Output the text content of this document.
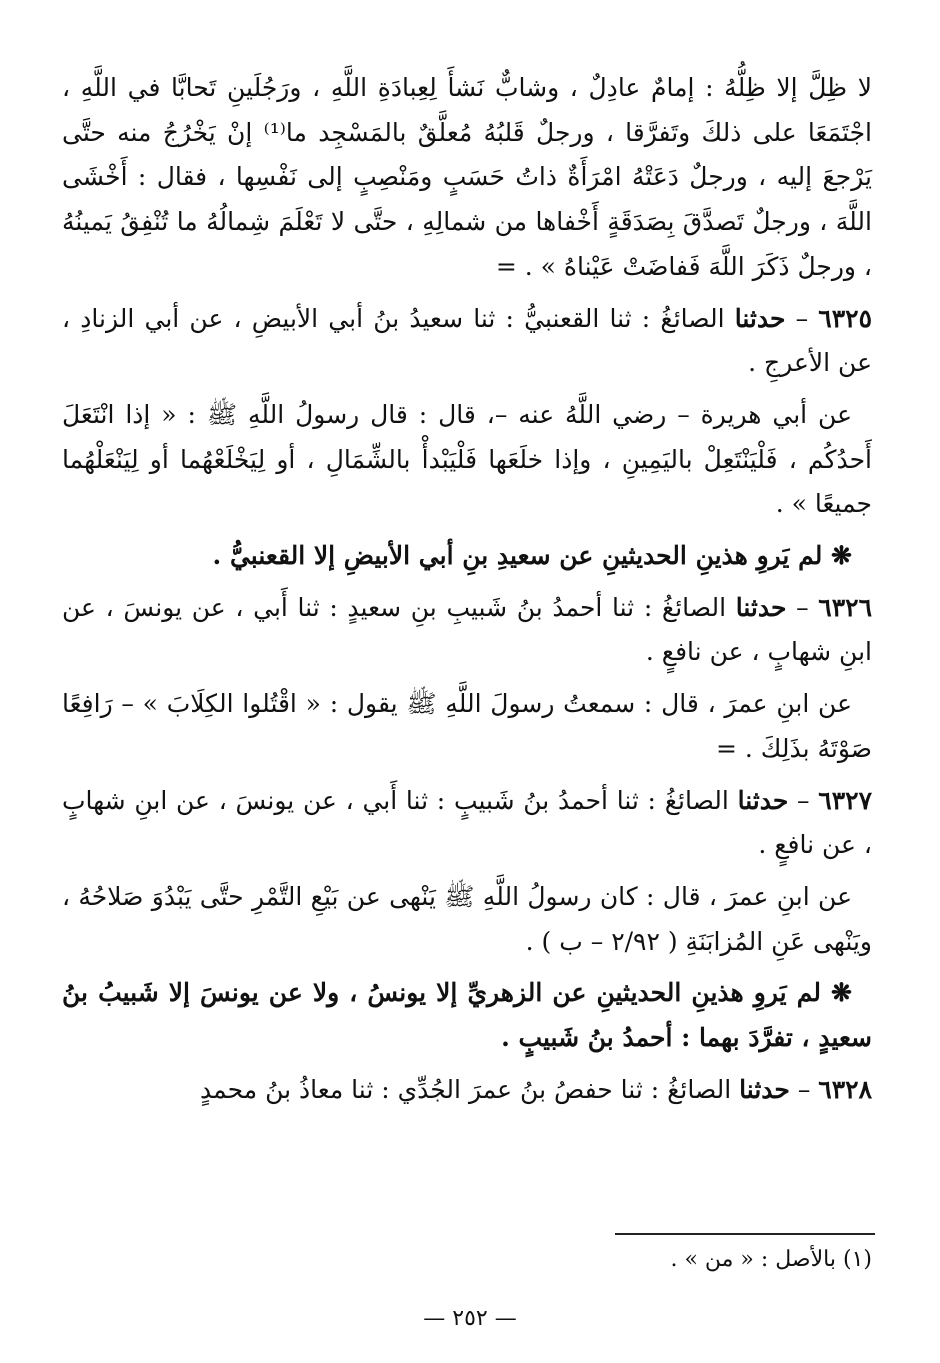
لا ظِلَّ إلا ظِلُّهُ : إمامٌ عادِلٌ ، وشابٌّ نَشأَ لِعِبادَةِ اللَّهِ ، ورَجُلَينِ تَحابَّا في اللَّهِ ، اجْتَمَعَا على ذلكَ وتَفرَّقا ، ورجلٌ قَلبُهُ مُعلَّقٌ بالمَسْجِد ما⁽¹⁾ إنْ يَخْرُجُ منه حتَّى يَرْجعَ إليه ، ورجلٌ دَعَتْهُ امْرَأَةٌ ذاتُ حَسَبٍ ومَنْصِبٍ إلى نَفْسِها ، فقال : أَخْشَى اللَّهَ ، ورجلٌ تَصدَّقَ بِصَدَقَةٍ أَخْفاها من شمالِهِ ، حتَّى لا تَعْلَمَ شِمالُهُ ما تُنْفِقُ يَمينُهُ ، ورجلٌ ذَكَرَ اللَّهَ فَفاضَتْ عَيْناهُ » . =

٦٣٢٥ – حدثنا الصائغُ : ثنا القعنبيُّ : ثنا سعيدُ بنُ أبي الأبيضِ ، عن أبي الزنادِ ، عن الأعرجِ .

عن أبي هريرة – رضي اللَّهُ عنه –، قال : قال رسولُ اللَّهِ ﷺ : « إذا انْتَعَلَ أَحدُكُم ، فَلْيَنْتَعِلْ باليَمِينِ ، وإذا خلَعَها فَلْيَبْدأْ بالشِّمَالِ ، أو لِيَخْلَعْهُما أو لِيَنْعَلْهُما جميعًا » .

❋ لم يَروِ هذينِ الحديثينِ عن سعيدِ بنِ أبي الأبيضِ إلا القعنبيُّ .

٦٣٢٦ – حدثنا الصائغُ : ثنا أحمدُ بنُ شَبيبِ بنِ سعيدٍ : ثنا أَبي ، عن يونسَ ، عن ابنِ شهابٍ ، عن نافعٍ .

عن ابنِ عمرَ ، قال : سمعتُ رسولَ اللَّهِ ﷺ يقول : « اقْتُلوا الكِلَابَ » – رَافِعًا صَوْتَهُ بذَلِكَ . =

٦٣٢٧ – حدثنا الصائغُ : ثنا أحمدُ بنُ شَبيبٍ : ثنا أَبي ، عن يونسَ ، عن ابنِ شهابٍ ، عن نافعٍ .

عن ابنِ عمرَ ، قال : كان رسولُ اللَّهِ ﷺ يَنْهى عن بَيْعِ التَّمْرِ حتَّى يَبْدُوَ صَلاحُهُ ، ويَنْهى عَنِ المُزابَنَةِ ( ٢/٩٢ – ب ) .

❋ لم يَروِ هذينِ الحديثينِ عن الزهريِّ إلا يونسُ ، ولا عن يونسَ إلا شَبيبُ بنُ سعيدٍ ، تفرَّدَ بهما : أحمدُ بنُ شَبيبٍ .

٦٣٢٨ – حدثنا الصائغُ : ثنا حفصُ بنُ عمرَ الجُدِّي : ثنا معاذُ بنُ محمدٍ

(١) بالأصل : « من » .
— ٢٥٢ —
